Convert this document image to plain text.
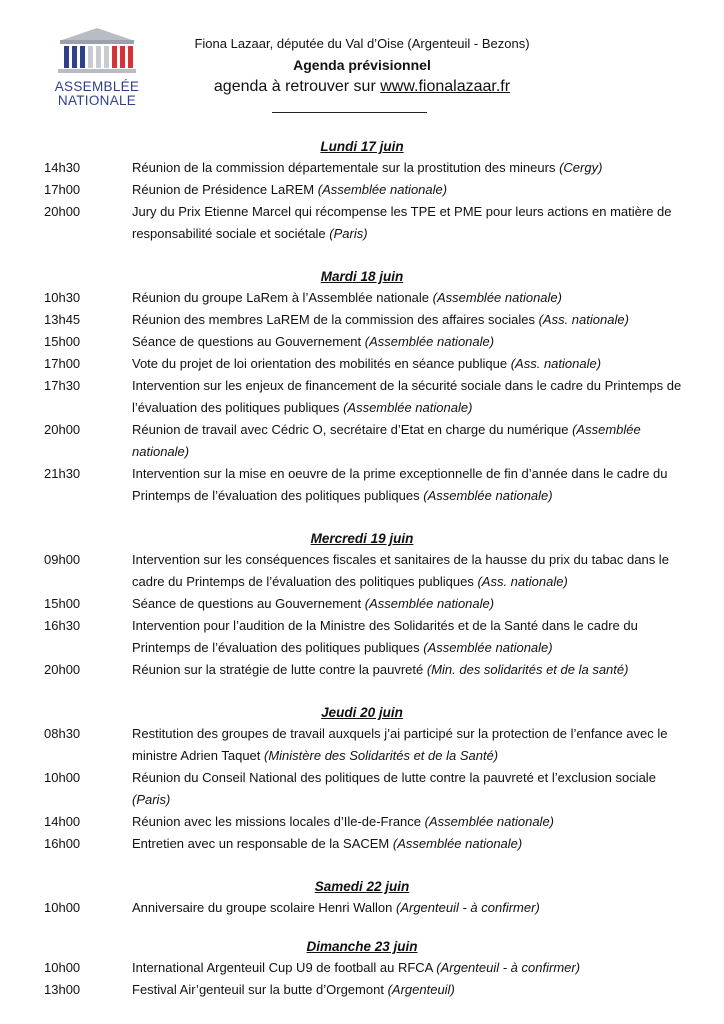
ASSEMBLÉE
NATIONALE
Fiona Lazaar, députée du Val d’Oise (Argenteuil - Bezons)
Agenda prévisionnel
agenda à retrouver sur www.fionalazaar.fr
Lundi 17 juin
14h30	Réunion de la commission départementale sur la prostitution des mineurs (Cergy)
17h00	Réunion de Présidence LaREM (Assemblée nationale)
20h00	Jury du Prix Etienne Marcel qui récompense les TPE et PME pour leurs actions en matière de responsabilité sociale et sociétale (Paris)
Mardi 18 juin
10h30	Réunion du groupe LaRem à l’Assemblée nationale (Assemblée nationale)
13h45	Réunion des membres LaREM de la commission des affaires sociales (Ass. nationale)
15h00	Séance de questions au Gouvernement (Assemblée nationale)
17h00	Vote du projet de loi orientation des mobilités en séance publique (Ass. nationale)
17h30	Intervention sur les enjeux de financement de la sécurité sociale dans le cadre du Printemps de l’évaluation des politiques publiques (Assemblée nationale)
20h00	Réunion de travail avec Cédric O, secrétaire d’Etat en charge du numérique (Assemblée nationale)
21h30	Intervention sur la mise en oeuvre de la prime exceptionnelle de fin d’année dans le cadre du Printemps de l’évaluation des politiques publiques (Assemblée nationale)
Mercredi 19 juin
09h00	Intervention sur les conséquences fiscales et sanitaires de la hausse du prix du tabac dans le cadre du Printemps de l’évaluation des politiques publiques (Ass. nationale)
15h00	Séance de questions au Gouvernement (Assemblée nationale)
16h30	Intervention pour l’audition de la Ministre des Solidarités et de la Santé dans le cadre du Printemps de l’évaluation des politiques publiques (Assemblée nationale)
20h00	Réunion sur la stratégie de lutte contre la pauvreté (Min. des solidarités et de la santé)
Jeudi 20 juin
08h30	Restitution des groupes de travail auxquels j’ai participé sur la protection de l’enfance avec le ministre Adrien Taquet (Ministère des Solidarités et de la Santé)
10h00	Réunion du Conseil National des politiques de lutte contre la pauvreté et l’exclusion sociale (Paris)
14h00	Réunion avec les missions locales d’Ile-de-France (Assemblée nationale)
16h00	Entretien avec un responsable de la SACEM (Assemblée nationale)
Samedi 22 juin
10h00	Anniversaire du groupe scolaire Henri Wallon (Argenteuil - à confirmer)
Dimanche 23 juin
10h00	International Argenteuil Cup U9 de football au RFCA (Argenteuil - à confirmer)
13h00	Festival Air’genteuil sur la butte d’Orgemont (Argenteuil)
